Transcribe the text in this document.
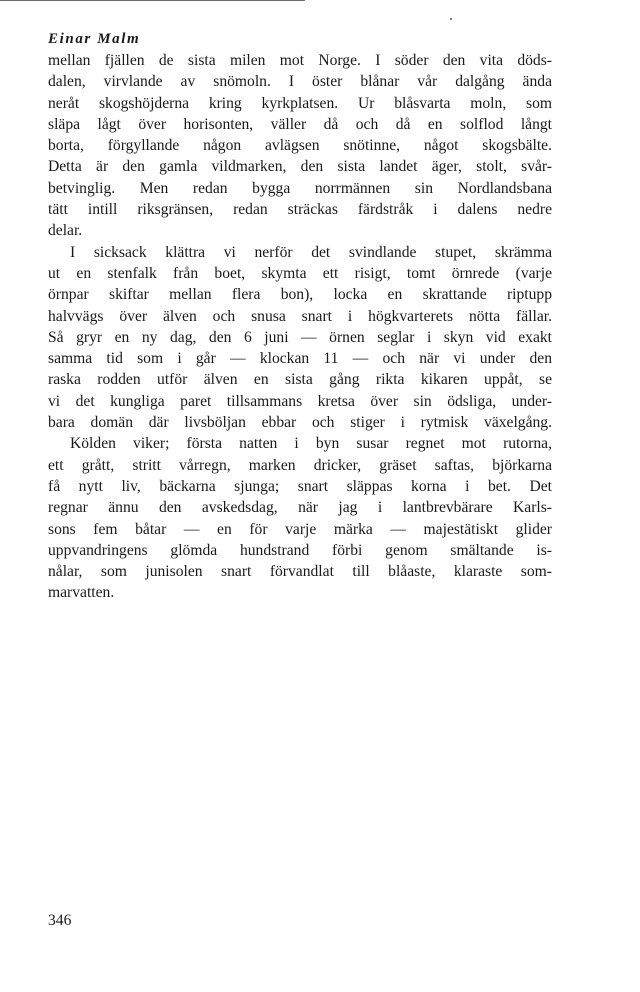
Einar Malm
mellan fjällen de sista milen mot Norge. I söder den vita döds-
dalen, virvlande av snömoln. I öster blånar vår dalgång ända
neråt skogshöjderna kring kyrkplatsen. Ur blåsvarta moln, som
släpa lågt över horisonten, väller då och då en solflod långt
borta, förgyllande någon avlägsen snötinne, något skogsbälte.
Detta är den gamla vildmarken, den sista landet äger, stolt, svår-
betvinglig. Men redan bygga norrmännen sin Nordlandsbana
tätt intill riksgränsen, redan sträckas färdstråk i dalens nedre
delar.
I sicksack klättra vi nerför det svindlande stupet, skrämma
ut en stenfalk från boet, skymta ett risigt, tomt örnrede (varje
örnpar skiftar mellan flera bon), locka en skrattande riptupp
halvvägs över älven och snusa snart i högkvarterets nötta fällar.
Så gryr en ny dag, den 6 juni — örnen seglar i skyn vid exakt
samma tid som i går — klockan 11 — och när vi under den
raska rodden utför älven en sista gång rikta kikaren uppåt, se
vi det kungliga paret tillsammans kretsa över sin ödsliga, under-
bara domän där livsböljan ebbar och stiger i rytmisk växelgång.
Kölden viker; första natten i byn susar regnet mot rutorna,
ett grått, stritt vårregn, marken dricker, gräset saftas, björkarna
få nytt liv, bäckarna sjunga; snart släppas korna i bet. Det
regnar ännu den avskedsdag, när jag i lantbrevbärare Karls-
sons fem båtar — en för varje märka — majestätiskt glider
uppvandringens glömda hundstrand förbi genom smältande is-
nålar, som junisolen snart förvandlat till blåaste, klaraste som-
marvatten.
346
